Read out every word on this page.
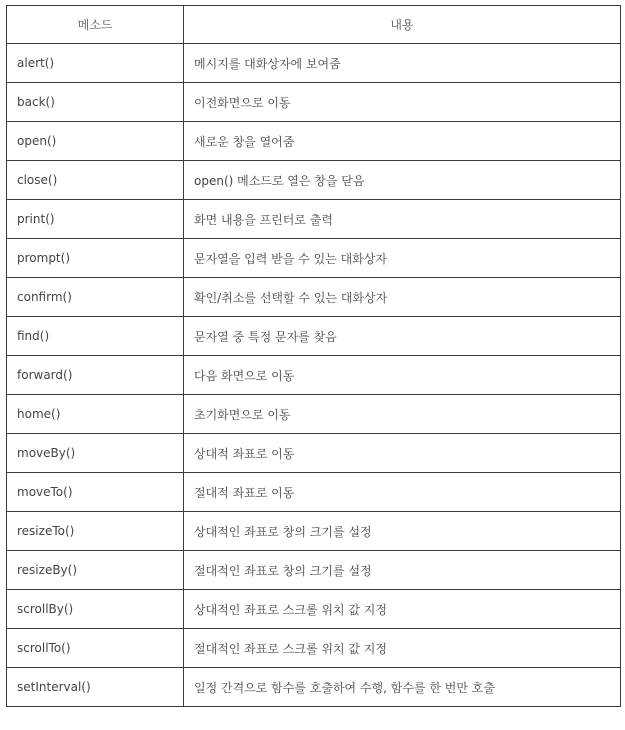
메소드	내용
alert()	메시지를 대화상자에 보여줌
back()	이전화면으로 이동
open()	새로운 창을 열어줌
close()	open() 메소드로 열은 창을 닫음
print()	화면 내용을 프린터로 출력
prompt()	문자열을 입력 받을 수 있는 대화상자
confirm()	확인/취소를 선택할 수 있는 대화상자
find()	문자열 중 특정 문자를 찾음
forward()	다음 화면으로 이동
home()	초기화면으로 이동
moveBy()	상대적 좌표로 이동
moveTo()	절대적 좌표로 이동
resizeTo()	상대적인 좌표로 창의 크기를 설정
resizeBy()	절대적인 좌표로 창의 크기를 설정
scrollBy()	상대적인 좌표로 스크롤 위치 값 지정
scrollTo()	절대적인 좌표로 스크롤 위치 값 지정
setInterval()	일정 간격으로 함수를 호출하여 수행, 함수를 한 번만 호출
